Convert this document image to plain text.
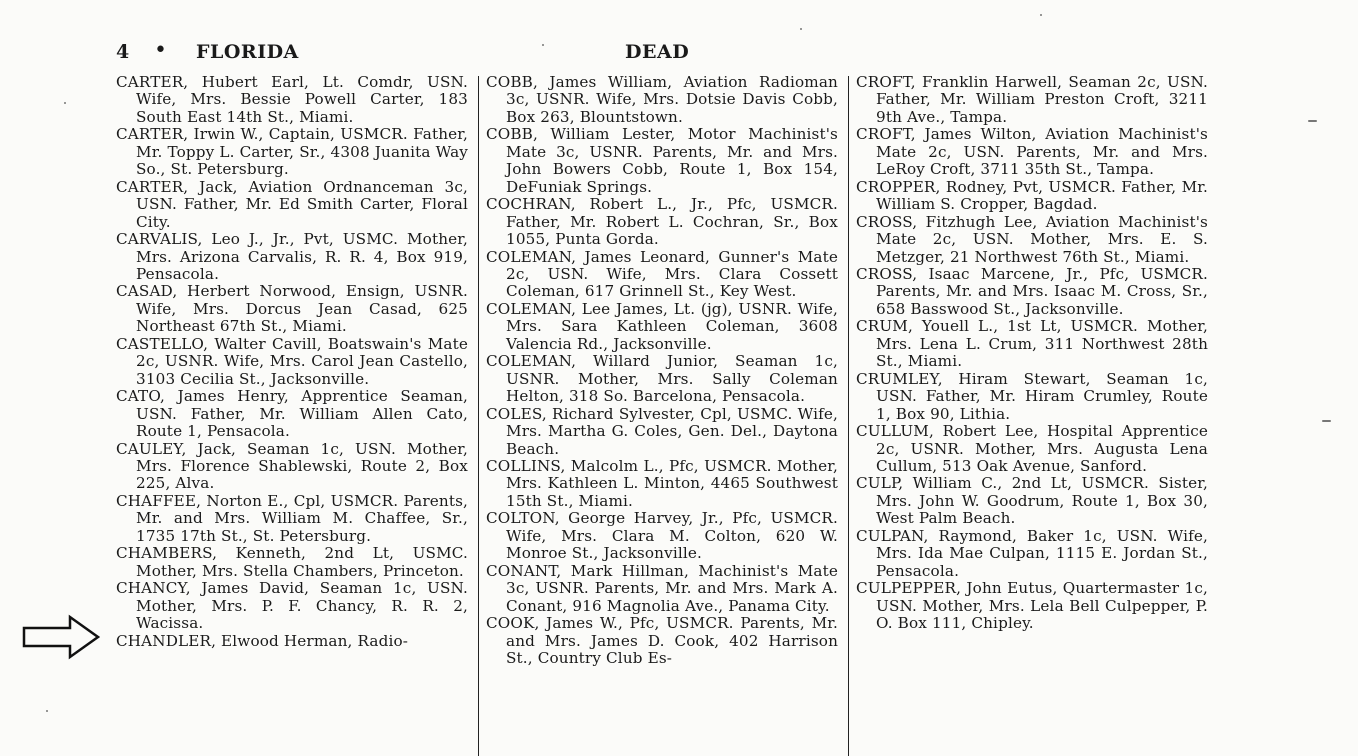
4 • FLORIDA	DEAD

CARTER, Hubert Earl, Lt. Comdr, USN. Wife, Mrs. Bessie Powell Carter, 183 South East 14th St., Miami.

CARTER, Irwin W., Captain, USMCR. Father, Mr. Toppy L. Carter, Sr., 4308 Juanita Way So., St. Petersburg.

CARTER, Jack, Aviation Ordnanceman 3c, USN. Father, Mr. Ed Smith Carter, Floral City.

CARVALIS, Leo J., Jr., Pvt, USMC. Mother, Mrs. Arizona Carvalis, R. R. 4, Box 919, Pensacola.

CASAD, Herbert Norwood, Ensign, USNR. Wife, Mrs. Dorcus Jean Casad, 625 Northeast 67th St., Miami.

CASTELLO, Walter Cavill, Boatswain's Mate 2c, USNR. Wife, Mrs. Carol Jean Castello, 3103 Cecilia St., Jacksonville.

CATO, James Henry, Apprentice Seaman, USN. Father, Mr. William Allen Cato, Route 1, Pensacola.

CAULEY, Jack, Seaman 1c, USN. Mother, Mrs. Florence Shablewski, Route 2, Box 225, Alva.

CHAFFEE, Norton E., Cpl, USMCR. Parents, Mr. and Mrs. William M. Chaffee, Sr., 1735 17th St., St. Petersburg.

CHAMBERS, Kenneth, 2nd Lt, USMC. Mother, Mrs. Stella Chambers, Princeton.

CHANCY, James David, Seaman 1c, USN. Mother, Mrs. P. F. Chancy, R. R. 2, Wacissa.

CHANDLER, Elwood Herman, Radio-

COBB, James William, Aviation Radioman 3c, USNR. Wife, Mrs. Dotsie Davis Cobb, Box 263, Blountstown.

COBB, William Lester, Motor Machinist's Mate 3c, USNR. Parents, Mr. and Mrs. John Bowers Cobb, Route 1, Box 154, DeFuniak Springs.

COCHRAN, Robert L., Jr., Pfc, USMCR. Father, Mr. Robert L. Cochran, Sr., Box 1055, Punta Gorda.

COLEMAN, James Leonard, Gunner's Mate 2c, USN. Wife, Mrs. Clara Cossett Coleman, 617 Grinnell St., Key West.

COLEMAN, Lee James, Lt. (jg), USNR. Wife, Mrs. Sara Kathleen Coleman, 3608 Valencia Rd., Jacksonville.

COLEMAN, Willard Junior, Seaman 1c, USNR. Mother, Mrs. Sally Coleman Helton, 318 So. Barcelona, Pensacola.

COLES, Richard Sylvester, Cpl, USMC. Wife, Mrs. Martha G. Coles, Gen. Del., Daytona Beach.

COLLINS, Malcolm L., Pfc, USMCR. Mother, Mrs. Kathleen L. Minton, 4465 Southwest 15th St., Miami.

COLTON, George Harvey, Jr., Pfc, USMCR. Wife, Mrs. Clara M. Colton, 620 W. Monroe St., Jacksonville.

CONANT, Mark Hillman, Machinist's Mate 3c, USNR. Parents, Mr. and Mrs. Mark A. Conant, 916 Magnolia Ave., Panama City.

COOK, James W., Pfc, USMCR. Parents, Mr. and Mrs. James D. Cook, 402 Harrison St., Country Club Es-

CROFT, Franklin Harwell, Seaman 2c, USN. Father, Mr. William Preston Croft, 3211 9th Ave., Tampa.

CROFT, James Wilton, Aviation Machinist's Mate 2c, USN. Parents, Mr. and Mrs. LeRoy Croft, 3711 35th St., Tampa.

CROPPER, Rodney, Pvt, USMCR. Father, Mr. William S. Cropper, Bagdad.

CROSS, Fitzhugh Lee, Aviation Machinist's Mate 2c, USN. Mother, Mrs. E. S. Metzger, 21 Northwest 76th St., Miami.

CROSS, Isaac Marcene, Jr., Pfc, USMCR. Parents, Mr. and Mrs. Isaac M. Cross, Sr., 658 Basswood St., Jacksonville.

CRUM, Youell L., 1st Lt, USMCR. Mother, Mrs. Lena L. Crum, 311 Northwest 28th St., Miami.

CRUMLEY, Hiram Stewart, Seaman 1c, USN. Father, Mr. Hiram Crumley, Route 1, Box 90, Lithia.

CULLUM, Robert Lee, Hospital Apprentice 2c, USNR. Mother, Mrs. Augusta Lena Cullum, 513 Oak Avenue, Sanford.

CULP, William C., 2nd Lt, USMCR. Sister, Mrs. John W. Goodrum, Route 1, Box 30, West Palm Beach.

CULPAN, Raymond, Baker 1c, USN. Wife, Mrs. Ida Mae Culpan, 1115 E. Jordan St., Pensacola.

CULPEPPER, John Eutus, Quartermaster 1c, USN. Mother, Mrs. Lela Bell Culpepper, P. O. Box 111, Chipley.
